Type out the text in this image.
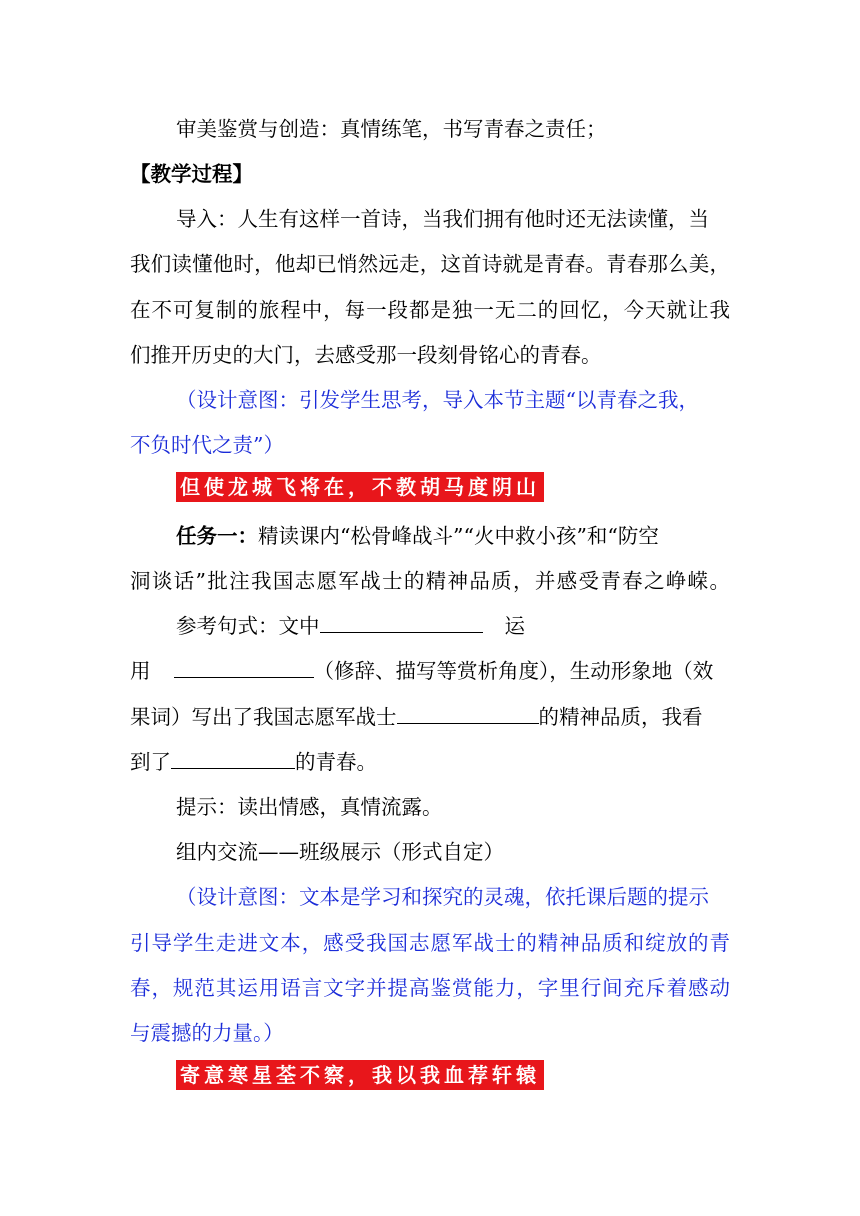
审美鉴赏与创造：真情练笔，书写青春之责任；
【教学过程】
导入：人生有这样一首诗，当我们拥有他时还无法读懂，当
我们读懂他时，他却已悄然远走，这首诗就是青春。青春那么美，
在不可复制的旅程中，每一段都是独一无二的回忆，今天就让我
们推开历史的大门，去感受那一段刻骨铭心的青春。
（设计意图：引发学生思考，导入本节主题“以青春之我，
不负时代之责”）
但使龙城飞将在，不教胡马度阴山
任务一：精读课内“松骨峰战斗”“火中救小孩”和“防空
洞谈话”批注我国志愿军战士的精神品质，并感受青春之峥嵘。
参考句式：文中	运
用	（修辞、描写等赏析角度），生动形象地（效
果词）写出了我国志愿军战士	的精神品质，我看
到了	的青春。
提示：读出情感，真情流露。
组内交流——班级展示（形式自定）
（设计意图：文本是学习和探究的灵魂，依托课后题的提示
引导学生走进文本，感受我国志愿军战士的精神品质和绽放的青
春，规范其运用语言文字并提高鉴赏能力，字里行间充斥着感动
与震撼的力量。）
寄意寒星荃不察，我以我血荐轩辕
